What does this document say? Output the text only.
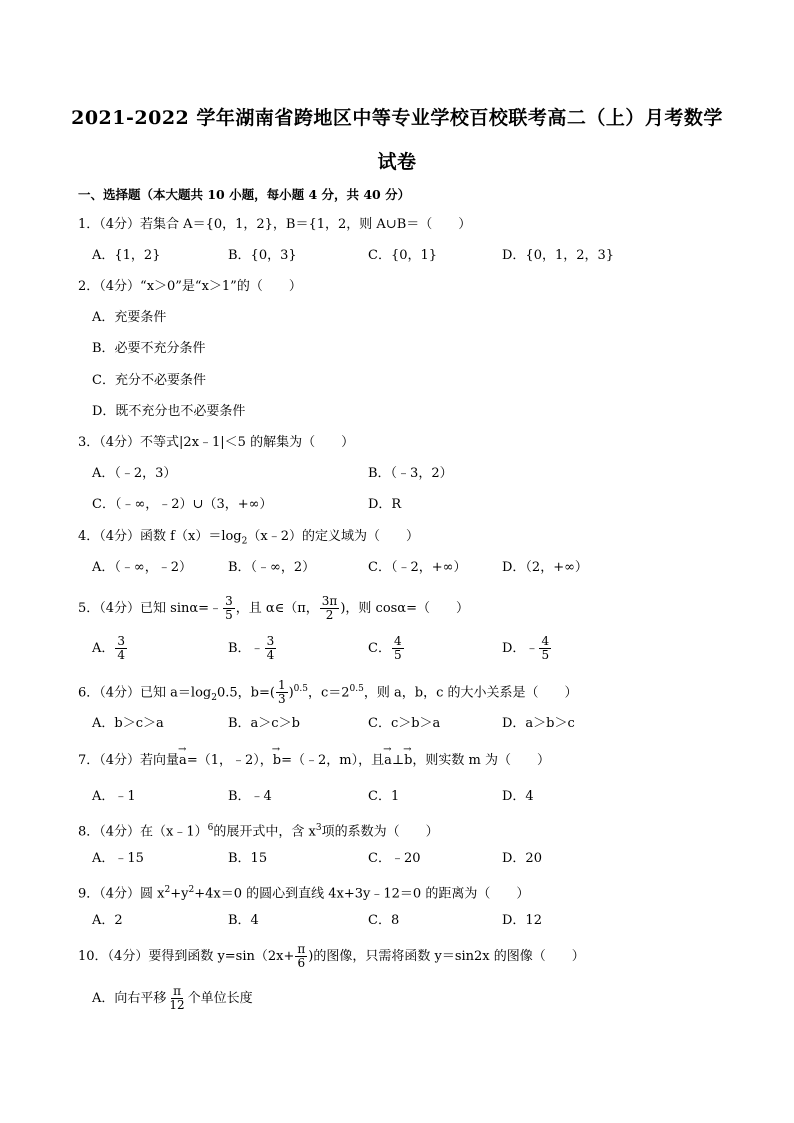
2021-2022 学年湖南省跨地区中等专业学校百校联考高二（上）月考数学
试卷
一、选择题（本大题共 10 小题，每小题 4 分，共 40 分）
1．（4分）若集合 A＝{0，1，2}，B＝{1，2，则 A∪B＝（　　）
A．{1，2}	B．{0，3}	C．{0，1}	D．{0，1，2，3}
2．（4分）“x＞0”是“x＞1”的（　　）
A．充要条件
B．必要不充分条件
C．充分不必要条件
D．既不充分也不必要条件
3．（4分）不等式|2x﹣1|＜5 的解集为（　　）
A．（﹣2，3）	B．（﹣3，2）
C．（﹣∞，﹣2）∪（3，+∞）	D．R
4．（4分）函数 $f(x)=\log_2(x﹣2)$的定义域为（　　）
A．（﹣∞，﹣2）	B．（﹣∞，2）	C．（﹣2，+∞）	D．（2，+∞）
5．（4分）已知 sinα=﹣ $\frac{3}{5}$ ，且 α∈（π， $\frac{3\pi}{2}$ )，则 cosα=（　　）
A． $\frac{3}{4}$	B．﹣ $\frac{3}{4}$	C． $\frac{4}{5}$	D．﹣ $\frac{4}{5}$
6．（4分）已知 $a=\log_20.5$，$b=( \frac{1}{3} )^{0.5}$，$c=2^{0.5}$，则 a，b，c 的大小关系是（　　）
A．b＞c＞a	B．a＞c＞b	C．c＞b＞a	D．a＞b＞c
7．（4分）若向量→ a=（1，﹣2），→ b=（﹣2，m），且→ a⊥→ b，则实数 m 为（　　）
A．﹣1	B．﹣4	C．1	D．4
8．（4分）在（x﹣1）$^6$的展开式中，含 $x^3$项的系数为（　　）
A．﹣15	B．15	C．﹣20	D．20
9．（4分）圆 $x^2+y^2+4x=0$ 的圆心到直线 4x+3y﹣12＝0 的距离为（　　）
A．2	B．4	C．8	D．12
10．（4分）要得到函数 $y=\sin(2x+ \frac{\pi}{6}$ )的图像，只需将函数 y＝sin2x 的图像（　　）
A．向右平移 $\frac{\pi}{12}$ 个单位长度
